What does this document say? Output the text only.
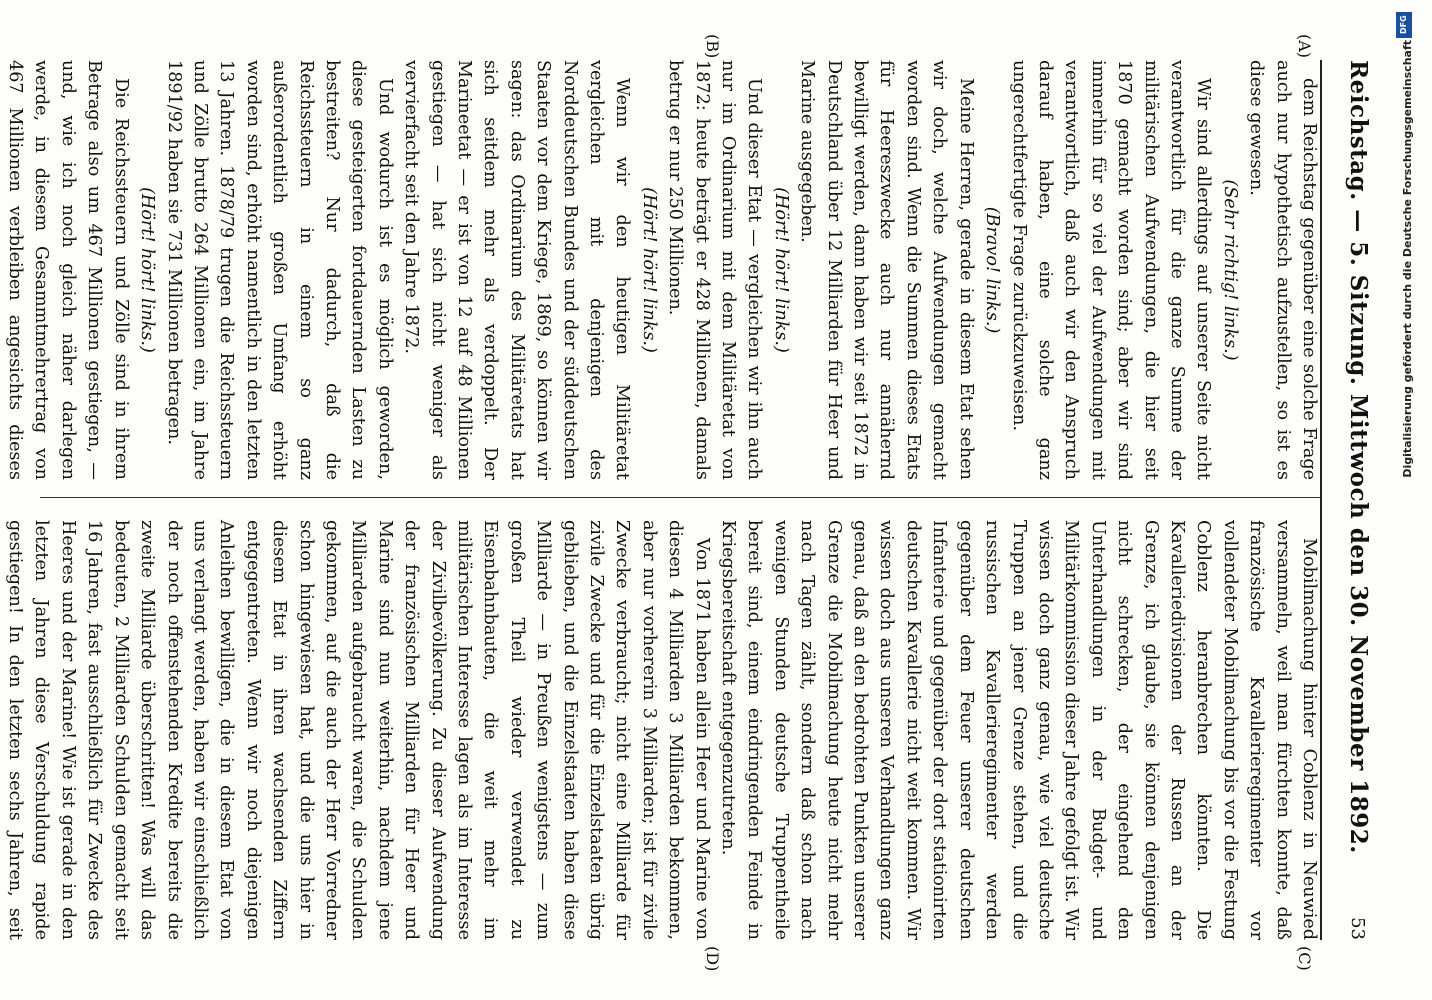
Reichstag. — 5. Sitzung. Mittwoch den 30. November 1892.
53
(A)
(B)
(C)
(D)

dem Reichstag gegenüber eine solche Frage auch nur hypothetisch aufzustellen, so ist es diese gewesen.

(Sehr richtig! links.)

Wir sind allerdings auf unserer Seite nicht verantwortlich für die ganze Summe der militärischen Aufwendungen, die hier seit 1870 gemacht worden sind; aber wir sind immerhin für so viel der Aufwendungen mit verantwortlich, daß auch wir den Anspruch darauf haben, eine solche ganz ungerechtfertigte Frage zurückzuweisen.

(Bravo! links.)

Meine Herren, gerade in diesem Etat sehen wir doch, welche Aufwendungen gemacht worden sind. Wenn die Summen dieses Etats für Heereszwecke auch nur annähernd bewilligt werden, dann haben wir seit 1872 in Deutschland über 12 Milliarden für Heer und Marine ausgegeben.

(Hört! hört! links.)

Und dieser Etat — vergleichen wir ihn auch nur im Ordinarium mit dem Militäretat von 1872: heute beträgt er 428 Millionen, damals betrug er nur 250 Millionen.

(Hört! hört! links.)

Wenn wir den heutigen Militäretat vergleichen mit denjenigen des Norddeutschen Bundes und der süddeutschen Staaten vor dem Kriege, 1869, so können wir sagen: das Ordinarium des Militäretats hat sich seitdem mehr als verdoppelt. Der Marineetat — er ist von 12 auf 48 Millionen gestiegen — hat sich nicht weniger als vervierfacht seit den Jahre 1872.

Und wodurch ist es möglich geworden, diese gesteigerten fortdauernden Lasten zu bestreiten? Nur dadurch, daß die Reichssteuern in einem so ganz außerordentlich großen Umfang erhöht worden sind, erhöht namentlich in den letzten 13 Jahren. 1878/79 trugen die Reichssteuern und Zölle brutto 264 Millionen ein, im Jahre 1891/92 haben sie 731 Millionen betragen.

(Hört! hört! links.)

Die Reichssteuern und Zölle sind in ihrem Betrage also um 467 Millionen gestiegen, — und, wie ich noch gleich näher darlegen werde, in diesem Gesammtmehrertrag von 467 Millionen verbleiben angesichts dieses

Mobilmachung hinter Coblenz in Neuwied versammeln, weil man fürchten konnte, daß französische Kavallerieregimenter vor vollendeter Mobilmachung bis vor die Festung Coblenz heranbrechen könnten. Die Kavalleriedivisionen der Russen an der Grenze, ich glaube, sie können denjenigen nicht schrecken, der eingehend den Unterhandlungen in der Budget- und Militärkommission dieser Jahre gefolgt ist. Wir wissen doch ganz genau, wie viel deutsche Truppen an jener Grenze stehen, und die russischen Kavallerieregimenter werden gegenüber dem Feuer unserer deutschen Infanterie und gegenüber der dort stationirten deutschen Kavallerie nicht weit kommen. Wir wissen doch aus unseren Verhandlungen ganz genau, daß an den bedrohten Punkten unserer Grenze die Mobilmachung heute nicht mehr nach Tagen zählt, sondern daß schon nach wenigen Stunden deutsche Truppentheile bereit sind, einem eindringenden Feinde in Kriegsbereitschaft entgegenzutreten.

Von 1871 haben allein Heer und Marine von diesen 4 Milliarden 3 Milliarden bekommen, aber nur vorhererin 3 Milliarden; ist für zivile Zwecke verbraucht; nicht eine Milliarde für zivile Zwecke und für die Einzelstaaten übrig geblieben, und die Einzelstaaten haben diese Milliarde — in Preußen wenigstens — zum großen Theil wieder verwendet zu Eisenbahnbauten, die weit mehr im militärischen Interesse lagen als im Interesse der Zivilbevölkerung. Zu dieser Aufwendung der französischen Milliarden für Heer und Marine sind nun weiterhin, nachdem jene Milliarden aufgebraucht waren, die Schulden gekommen, auf die auch der Herr Vorredner schon hingewiesen hat, und die uns hier in diesem Etat in ihren wachsenden Ziffern entgegentreten. Wenn wir noch diejenigen Anleihen bewilligen, die in diesem Etat von uns verlangt werden, haben wir einschließlich der noch offenstehenden Kredite bereits die zweite Milliarde überschritten! Was will das bedeuten, 2 Milliarden Schulden gemacht seit 16 Jahren, fast ausschließlich für Zwecke des Heeres und der Marine! Wie ist gerade in den letzten Jahren diese Verschuldung rapide gestiegen! In den letzten sechs Jahren, seit

DFG
Digitalisierung gefördert durch die Deutsche Forschungsgemeinschaft
